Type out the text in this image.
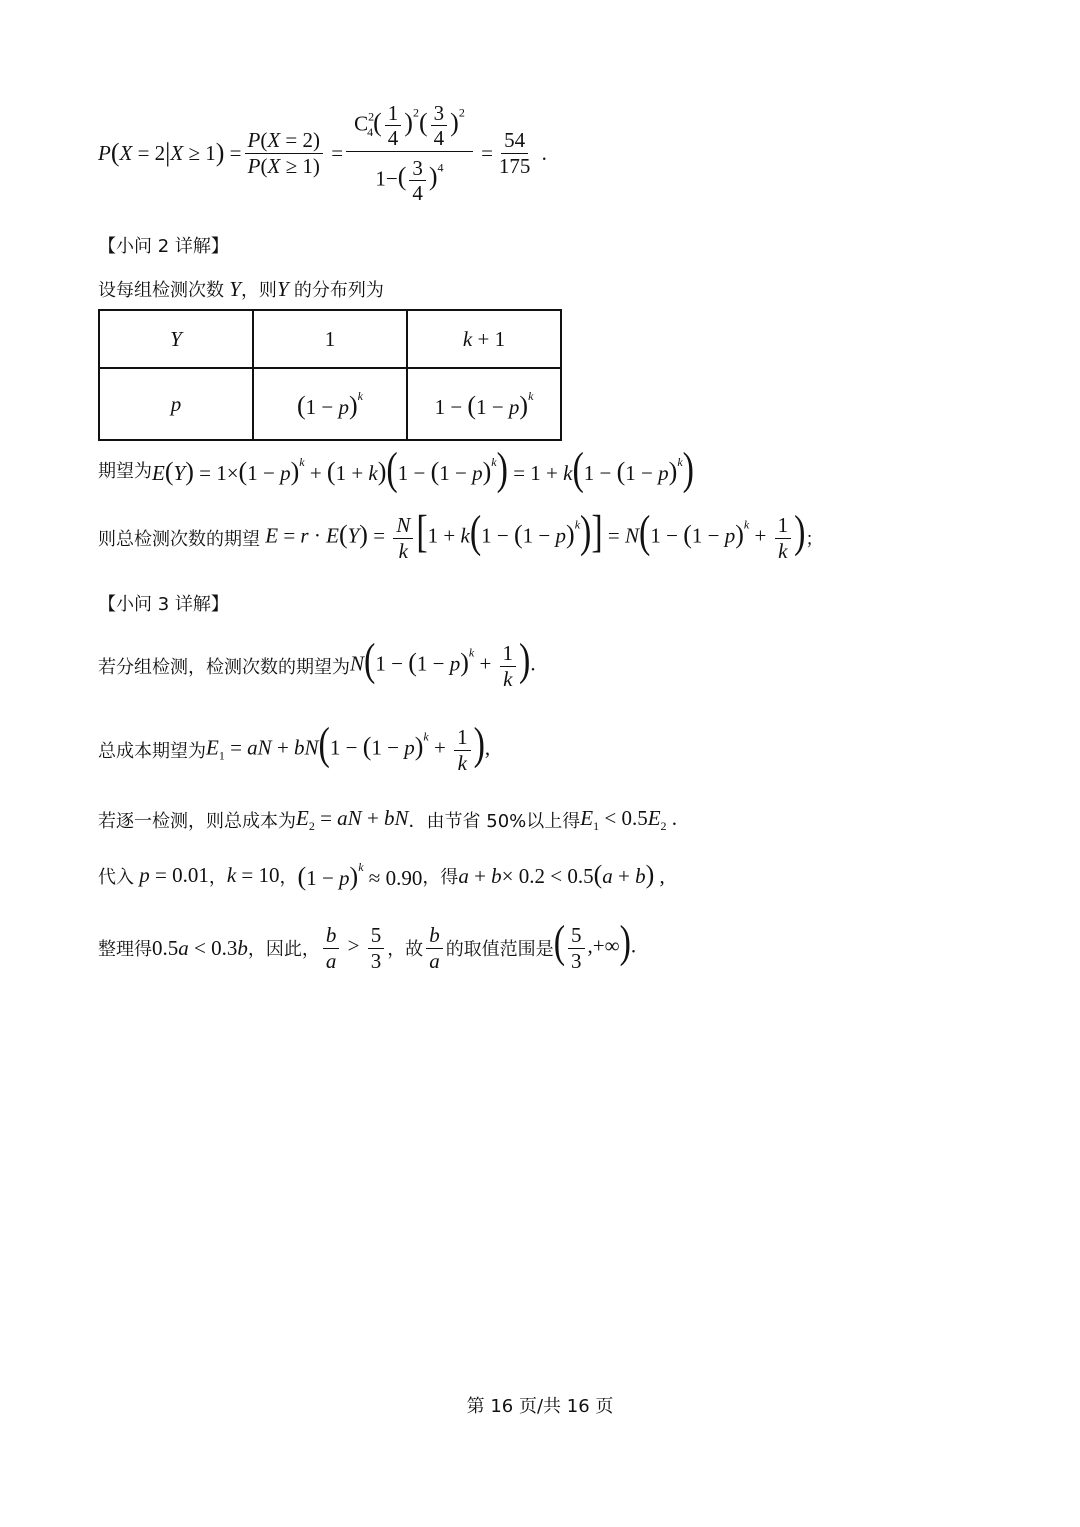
P ( X = 2 | X ≥ 1 ) = $\frac{P(X = 2)}{P(X \ge 1)} = \frac{C^2_4( \frac{1}{4} )^2( \frac{3}{4} )^2}{1-( \frac{3}{4} )^4} = \frac{54}{175}$ .
【小问 2 详解】
设每组检测次数 Y ，则 Y 的分布列为
Y	1	k + 1
p	$(1 - p)^k$	$1 - (1 - p)^k$
期望为 $E(Y) = 1\times(1 - p)^k + (1 + k)(1 - (1 - p)^k) = 1 + k(1 - (1 - p)^k)$
则总检测次数的期望 $E = r \cdot E(Y) = \frac{N}{k} [1 + k(1 - (1 - p)^k)] = N(1 - (1 - p)^k + \frac{1}{k}$ ) ；
【小问 3 详解】
若分组检测，检测次数的期望为 $N(1 - (1 - p)^k + \frac{1}{k}$ ).
总成本期望为 $E_1$ = aN + $bN(1 - (1 - p)^k + \frac{1}{k}$ ),
若逐一检测，则总成本为 $E_2$ = aN + bN ．由节省 50%以上得 $E_1 < 0.5E_2$ .
代入 p = 0.01 ， k = 10 ， $(1 - p)^k \approx 0.90$ ，得 a + b× 0.2 < 0.5(a + b) ,
整理得 0.5a < 0.3b ，因此， $\frac{b}{a} > \frac{5}{3}$ ，故 $\frac{b}{a}$ 的取值范围是 ( $\frac{5}{3}$ ,+∞).
第 16 页/共 16 页
